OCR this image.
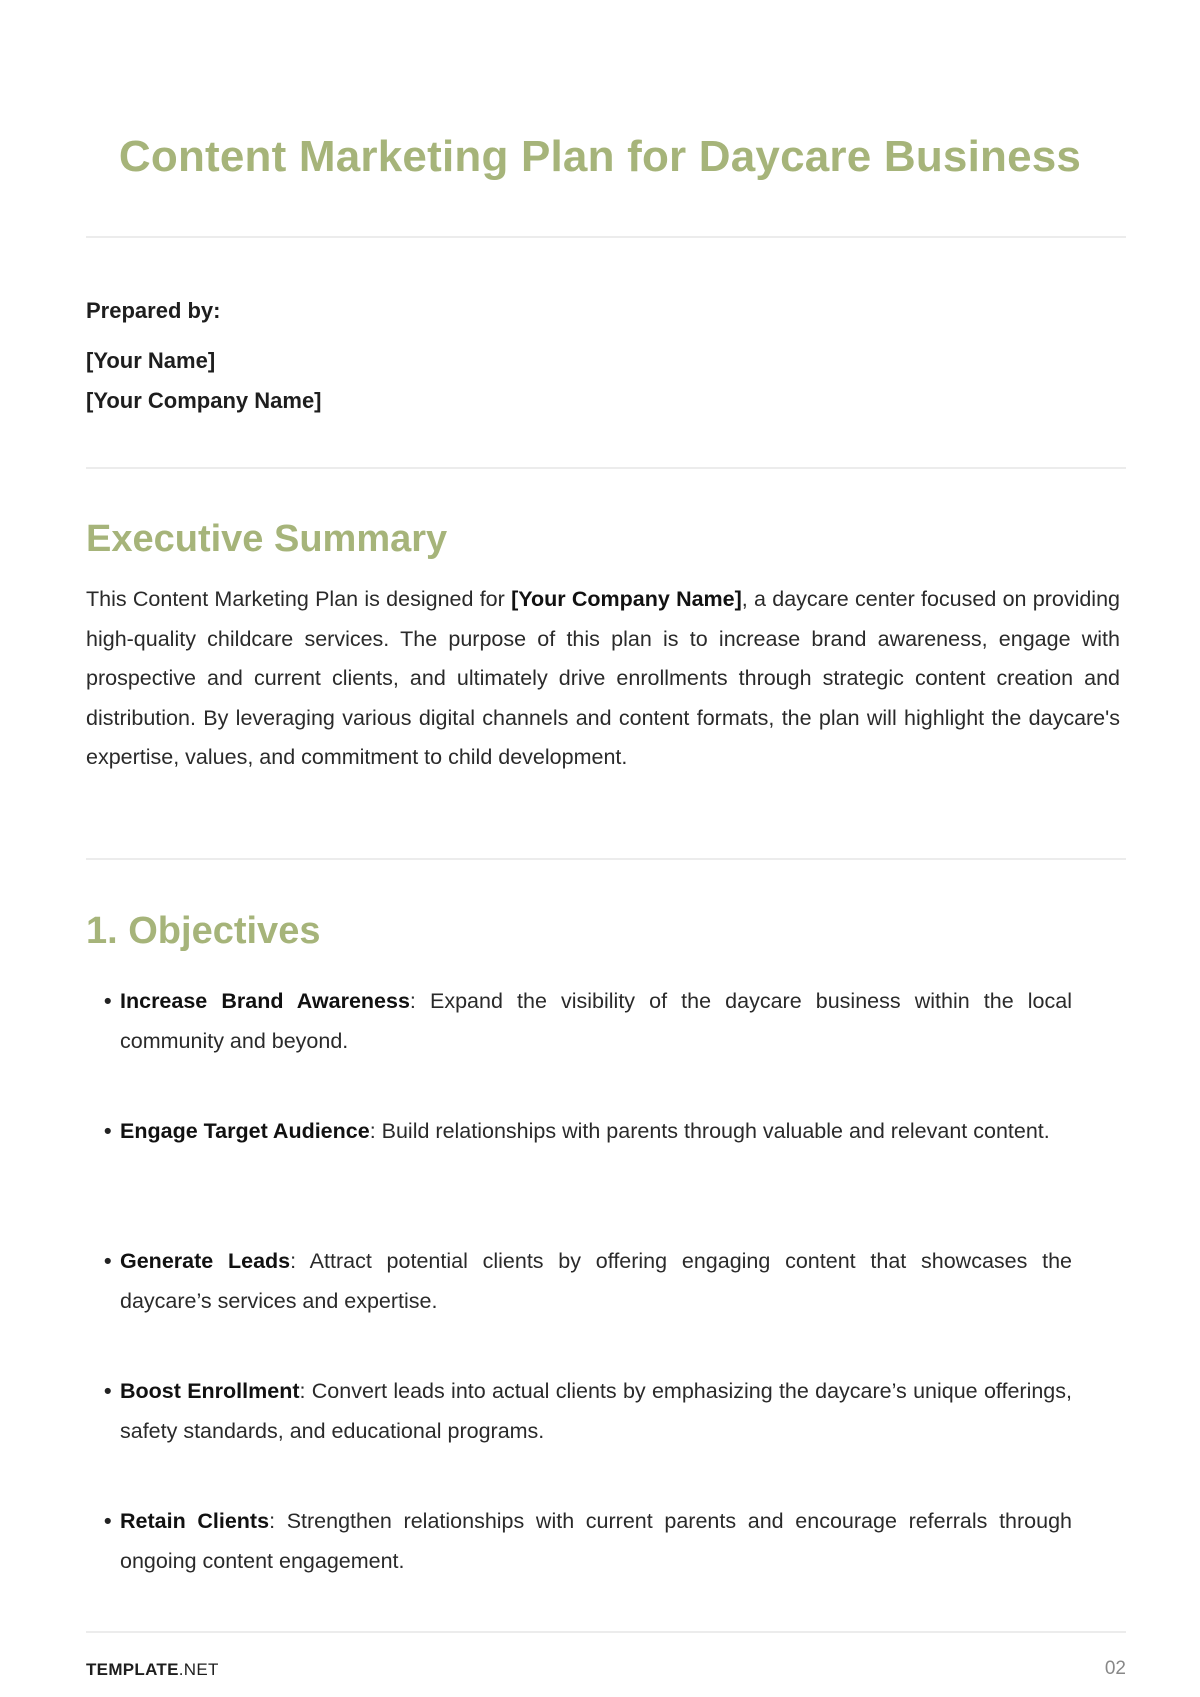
Content Marketing Plan for Daycare Business
Prepared by:
[Your Name]
[Your Company Name]
Executive Summary

This Content Marketing Plan is designed for [Your Company Name], a daycare center focused on providing high-quality childcare services. The purpose of this plan is to increase brand awareness, engage with prospective and current clients, and ultimately drive enrollments through strategic content creation and distribution. By leveraging various digital channels and content formats, the plan will highlight the daycare's expertise, values, and commitment to child development.

1. Objectives
• Increase Brand Awareness: Expand the visibility of the daycare business within the local community and beyond.
• Engage Target Audience: Build relationships with parents through valuable and relevant content.
• Generate Leads: Attract potential clients by offering engaging content that showcases the daycare’s services and expertise.
• Boost Enrollment: Convert leads into actual clients by emphasizing the daycare’s unique offerings, safety standards, and educational programs.
• Retain Clients: Strengthen relationships with current parents and encourage referrals through ongoing content engagement.
TEMPLATE.NET	02
